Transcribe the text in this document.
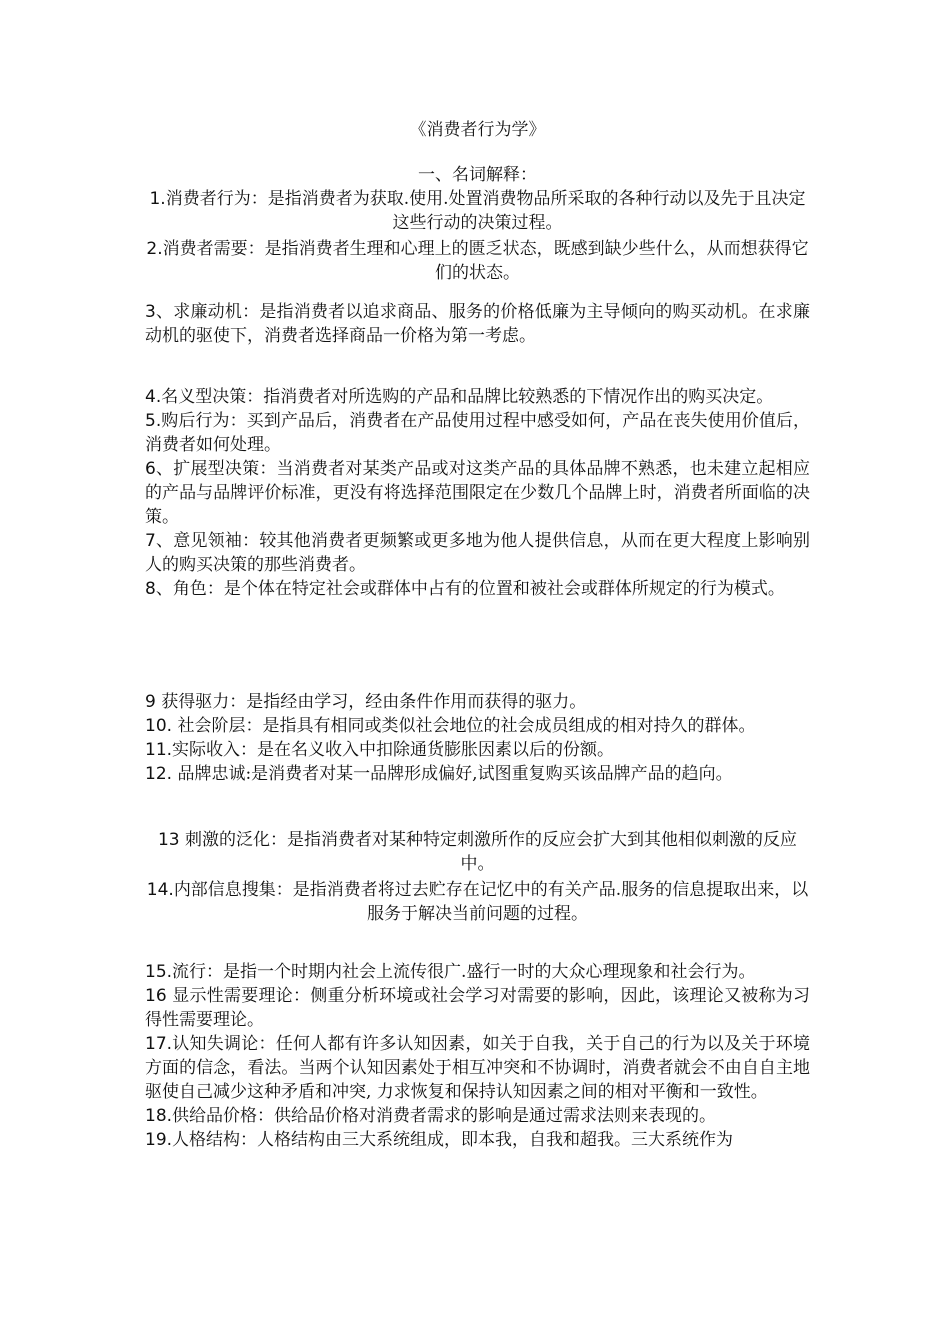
《消费者行为学》

一、名词解释：

1.消费者行为：是指消费者为获取.使用.处置消费物品所采取的各种行动以及先于且决定这些行动的决策过程。

2.消费者需要：是指消费者生理和心理上的匮乏状态，既感到缺少些什么，从而想获得它们的状态。

3、求廉动机：是指消费者以追求商品、服务的价格低廉为主导倾向的购买动机。在求廉动机的驱使下，消费者选择商品一价格为第一考虑。

4.名义型决策：指消费者对所选购的产品和品牌比较熟悉的下情况作出的购买决定。

5.购后行为：买到产品后，消费者在产品使用过程中感受如何，产品在丧失使用价值后，消费者如何处理。

6、扩展型决策：当消费者对某类产品或对这类产品的具体品牌不熟悉，也未建立起相应的产品与品牌评价标准，更没有将选择范围限定在少数几个品牌上时，消费者所面临的决策。

7、意见领袖：较其他消费者更频繁或更多地为他人提供信息，从而在更大程度上影响别人的购买决策的那些消费者。

8、角色：是个体在特定社会或群体中占有的位置和被社会或群体所规定的行为模式。

9 获得驱力：是指经由学习，经由条件作用而获得的驱力。

10. 社会阶层：是指具有相同或类似社会地位的社会成员组成的相对持久的群体。

11.实际收入：是在名义收入中扣除通货膨胀因素以后的份额。

12. 品牌忠诚:是消费者对某一品牌形成偏好,试图重复购买该品牌产品的趋向。

13 刺激的泛化：是指消费者对某种特定刺激所作的反应会扩大到其他相似刺激的反应中。

14.内部信息搜集：是指消费者将过去贮存在记忆中的有关产品.服务的信息提取出来，以服务于解决当前问题的过程。

15.流行：是指一个时期内社会上流传很广.盛行一时的大众心理现象和社会行为。

16 显示性需要理论：侧重分析环境或社会学习对需要的影响，因此，该理论又被称为习得性需要理论。

17.认知失调论：任何人都有许多认知因素，如关于自我，关于自己的行为以及关于环境方面的信念，看法。当两个认知因素处于相互冲突和不协调时，消费者就会不由自自主地驱使自己减少这种矛盾和冲突, 力求恢复和保持认知因素之间的相对平衡和一致性。

18.供给品价格：供给品价格对消费者需求的影响是通过需求法则来表现的。

19.人格结构：人格结构由三大系统组成，即本我，自我和超我。三大系统作为
